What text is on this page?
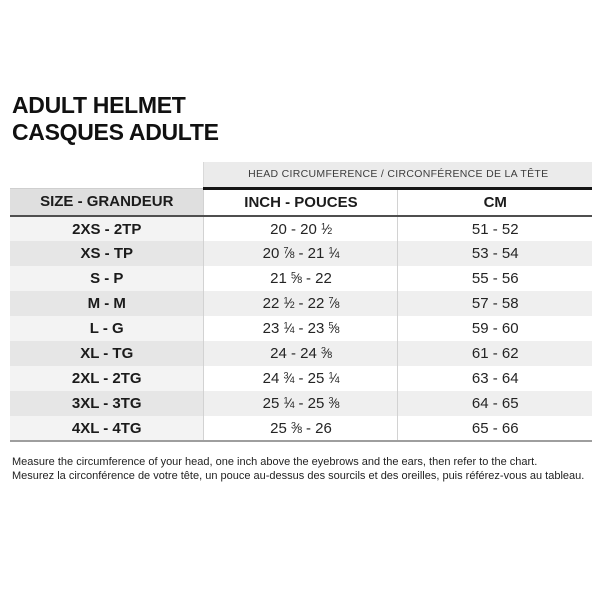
ADULT HELMET
CASQUES ADULTE
	HEAD CIRCUMFERENCE / CIRCONFÉRENCE DE LA TÊTE	
SIZE - GRANDEUR	INCH - POUCES	CM
2XS - 2TP	20 - 20 $^1$⁄2	51 - 52
XS - TP	20 $^7$⁄8 - 21 $^1$⁄4	53 - 54
S - P	21 $^5$⁄8 - 22	55 - 56
M - M	22 $^1$⁄2 - 22 $^7$⁄8	57 - 58
L - G	23 $^1$⁄4 - 23 $^5$⁄8	59 - 60
XL - TG	24 - 24 $^3$⁄8	61 - 62
2XL - 2TG	24 $^3$⁄4 - 25 $^1$⁄4	63 - 64
3XL - 3TG	25 $^1$⁄4 - 25 $^3$⁄8	64 - 65
4XL - 4TG	25 $^3$⁄8 - 26	65 - 66
Measure the circumference of your head, one inch above the eyebrows and the ears, then refer to the chart.
Mesurez la circonférence de votre tête, un pouce au-dessus des sourcils et des oreilles, puis référez-vous au tableau.
